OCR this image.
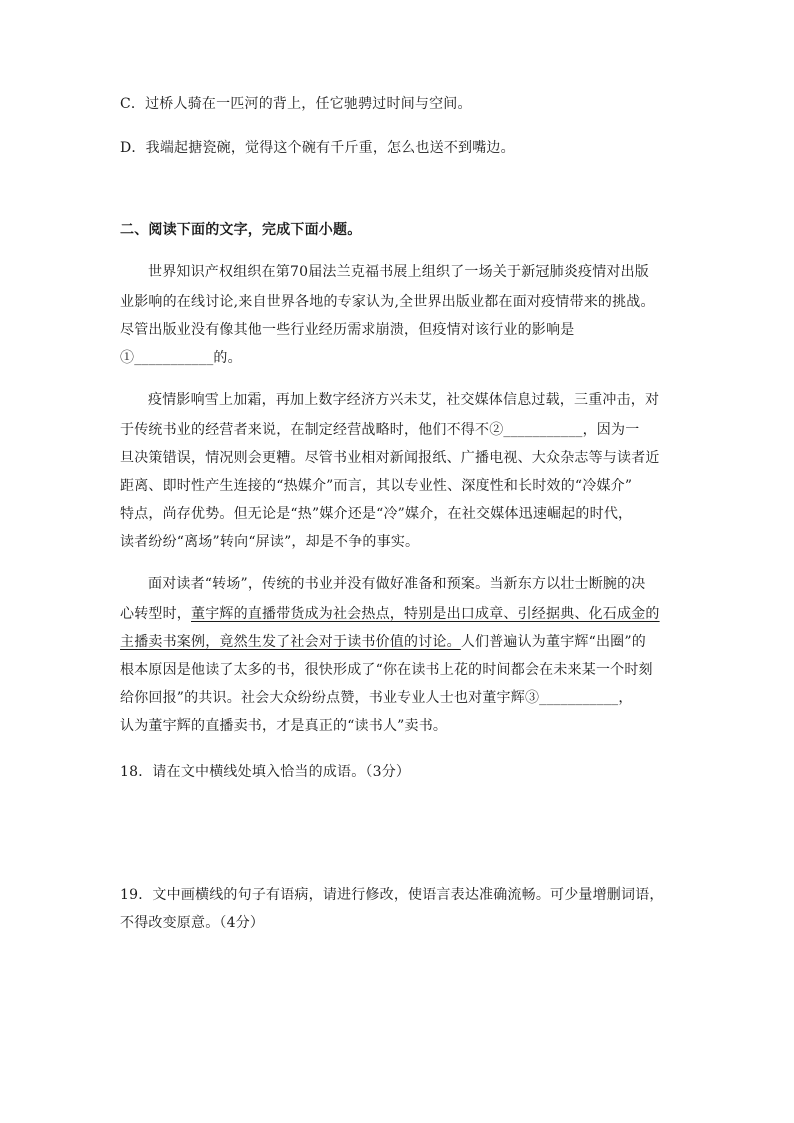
C．过桥人骑在一匹河的背上，任它驰骋过时间与空间。
D．我端起搪瓷碗，觉得这个碗有千斤重，怎么也送不到嘴边。
二、阅读下面的文字，完成下面小题。
世界知识产权组织在第70届法兰克福书展上组织了一场关于新冠肺炎疫情对出版
业影响的在线讨论,来自世界各地的专家认为,全世界出版业都在面对疫情带来的挑战。
尽管出版业没有像其他一些行业经历需求崩溃，但疫情对该行业的影响是
①___________的。
疫情影响雪上加霜，再加上数字经济方兴未艾，社交媒体信息过载，三重冲击，对
于传统书业的经营者来说，在制定经营战略时，他们不得不②___________，因为一
旦决策错误，情况则会更糟。尽管书业相对新闻报纸、广播电视、大众杂志等与读者近
距离、即时性产生连接的“热媒介”而言，其以专业性、深度性和长时效的“冷媒介”
特点，尚存优势。但无论是“热”媒介还是“冷”媒介，在社交媒体迅速崛起的时代，
读者纷纷“离场”转向“屏读”，却是不争的事实。
面对读者“转场”，传统的书业并没有做好准备和预案。当新东方以壮士断腕的决
心转型时，董宇辉的直播带货成为社会热点，特别是出口成章、引经据典、化石成金的
主播卖书案例，竟然生发了社会对于读书价值的讨论。人们普遍认为董宇辉“出圈”的
根本原因是他读了太多的书，很快形成了“你在读书上花的时间都会在未来某一个时刻
给你回报”的共识。社会大众纷纷点赞，书业专业人士也对董宇辉③___________，
认为董宇辉的直播卖书，才是真正的“读书人”卖书。
18．请在文中横线处填入恰当的成语。（3分）
19．文中画横线的句子有语病，请进行修改，使语言表达准确流畅。可少量增删词语，
不得改变原意。（4分）
